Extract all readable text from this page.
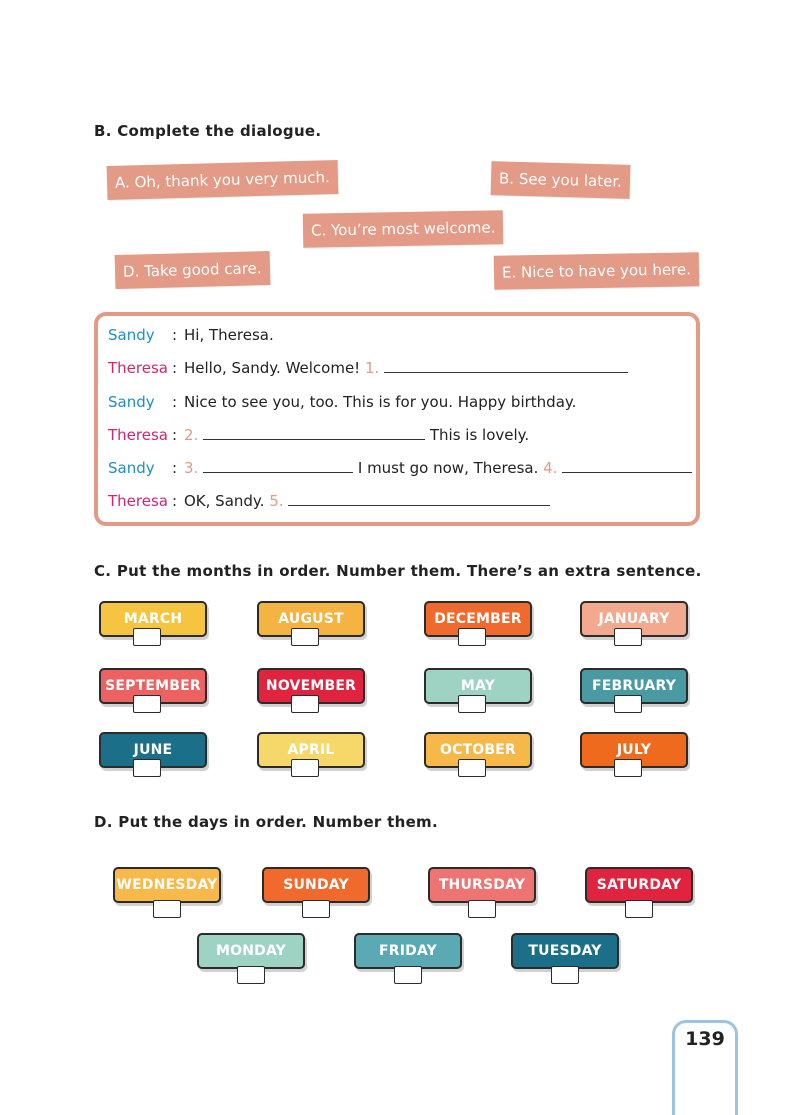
B. Complete the dialogue.
A. Oh, thank you very much.	B. See you later.
C. You’re most welcome.
D. Take good care.	E. Nice to have you here.
Sandy : Hi, Theresa.
Theresa : Hello, Sandy. Welcome! 1.
Sandy : Nice to see you, too. This is for you. Happy birthday.
Theresa : 2.	This is lovely.
Sandy : 3.	I must go now, Theresa. 4.
Theresa : OK, Sandy. 5.
C. Put the months in order. Number them. There’s an extra sentence.
MARCH	AUGUST	DECEMBER	JANUARY
SEPTEMBER	NOVEMBER	MAY	FEBRUARY
JUNE	APRIL	OCTOBER	JULY
D. Put the days in order. Number them.
WEDNESDAY	SUNDAY	THURSDAY	SATURDAY
MONDAY	FRIDAY	TUESDAY
139
